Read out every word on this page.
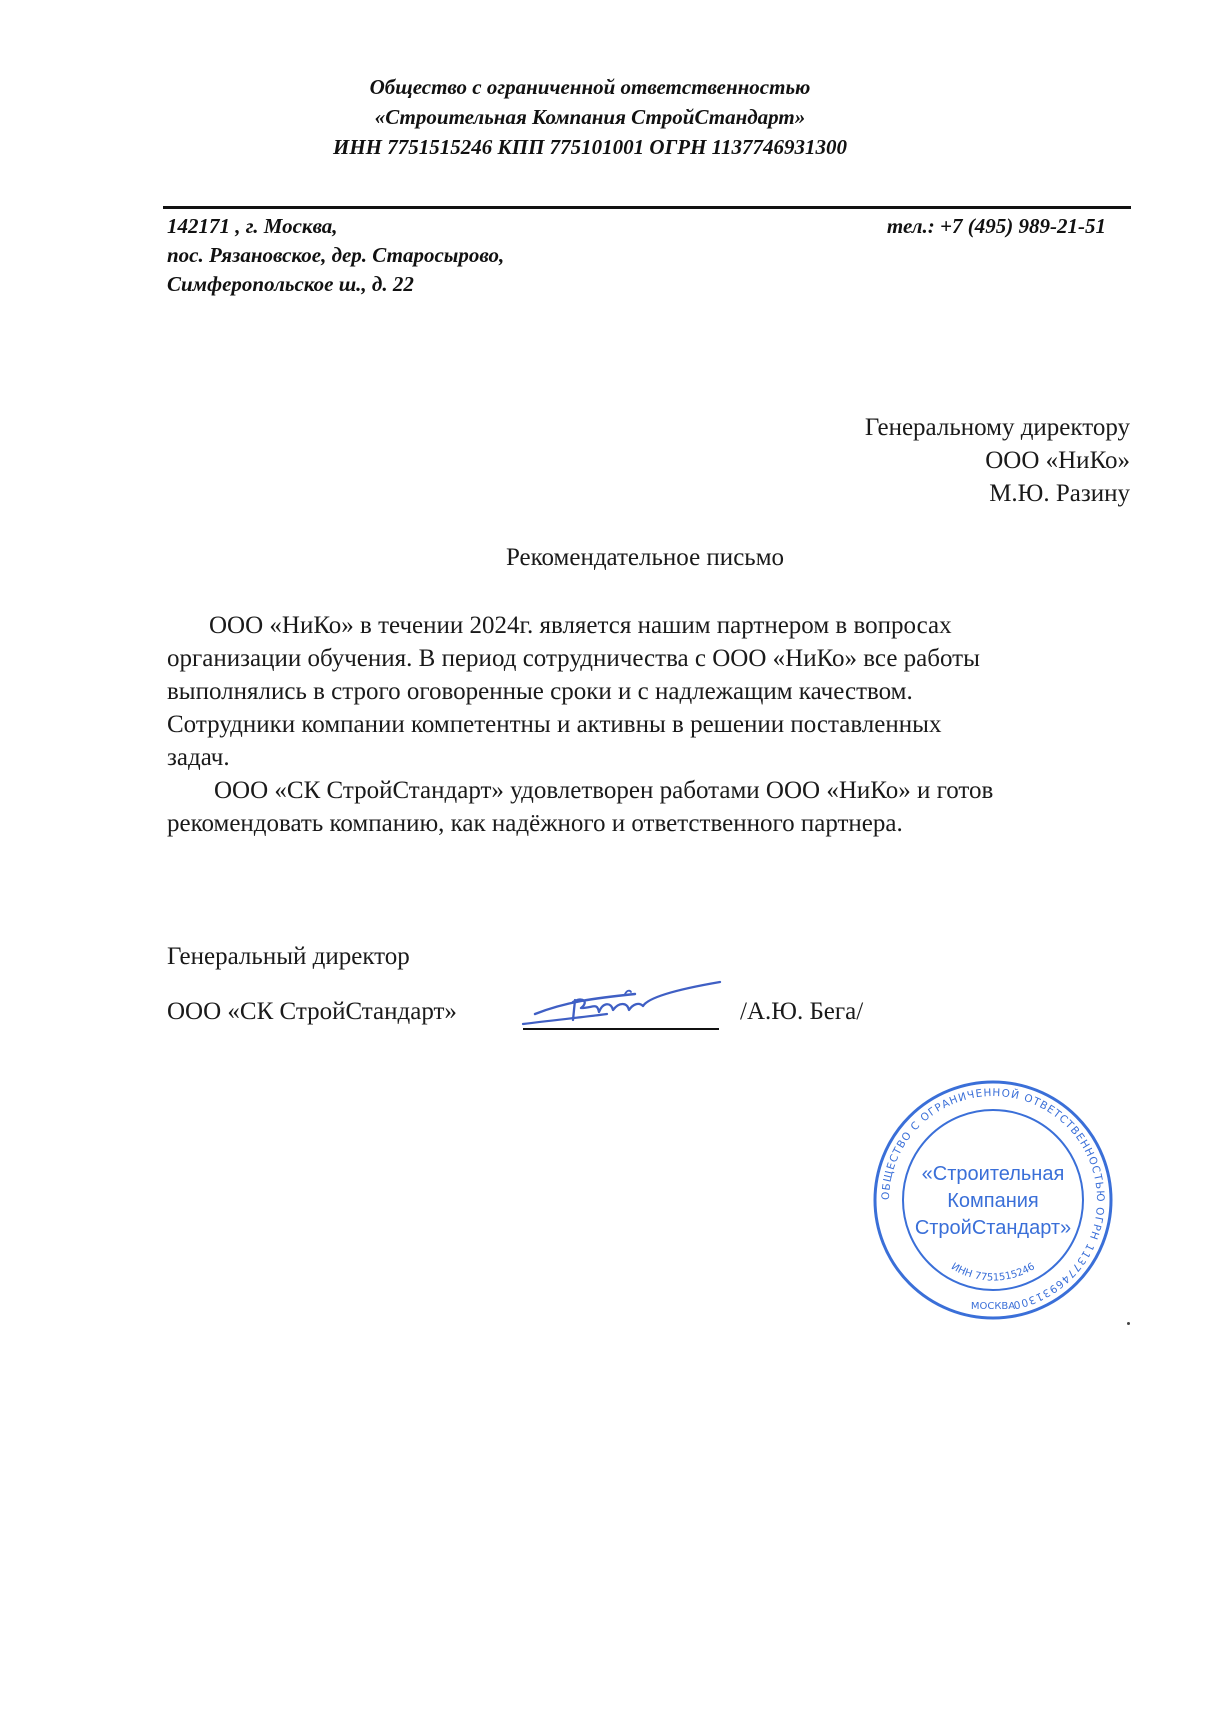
Общество с ограниченной ответственностью
«Строительная Компания СтройСтандарт»
ИНН 7751515246 КПП 775101001 ОГРН 1137746931300
142171 , г. Москва,
пос. Рязановское, дер. Старосырово,
Симферопольское ш., д. 22
тел.: +7 (495) 989-21-51
Генеральному директору
ООО «НиКо»
М.Ю. Разину
Рекомендательное письмо
ООО «НиКо» в течении 2024г. является нашим партнером в вопросах
организации обучения. В период сотрудничества с ООО «НиКо» все работы
выполнялись в строго оговоренные сроки и с надлежащим качеством.
Сотрудники компании компетентны и активны в решении поставленных
задач.
ООО «СК СтройСтандарт» удовлетворен работами ООО «НиКо» и готов
рекомендовать компанию, как надёжного и ответственного партнера.
Генеральный директор
ООО «СК СтройСтандарт»	/А.Ю. Бега/
ОБЩЕСТВО С ОГРАНИЧЕННОЙ ОТВЕТСТВЕННОСТЬЮ ОГРН 1137746931300
«Строительная
Компания
СтройСтандарт»
ИНН 7751515246
МОСКВА
